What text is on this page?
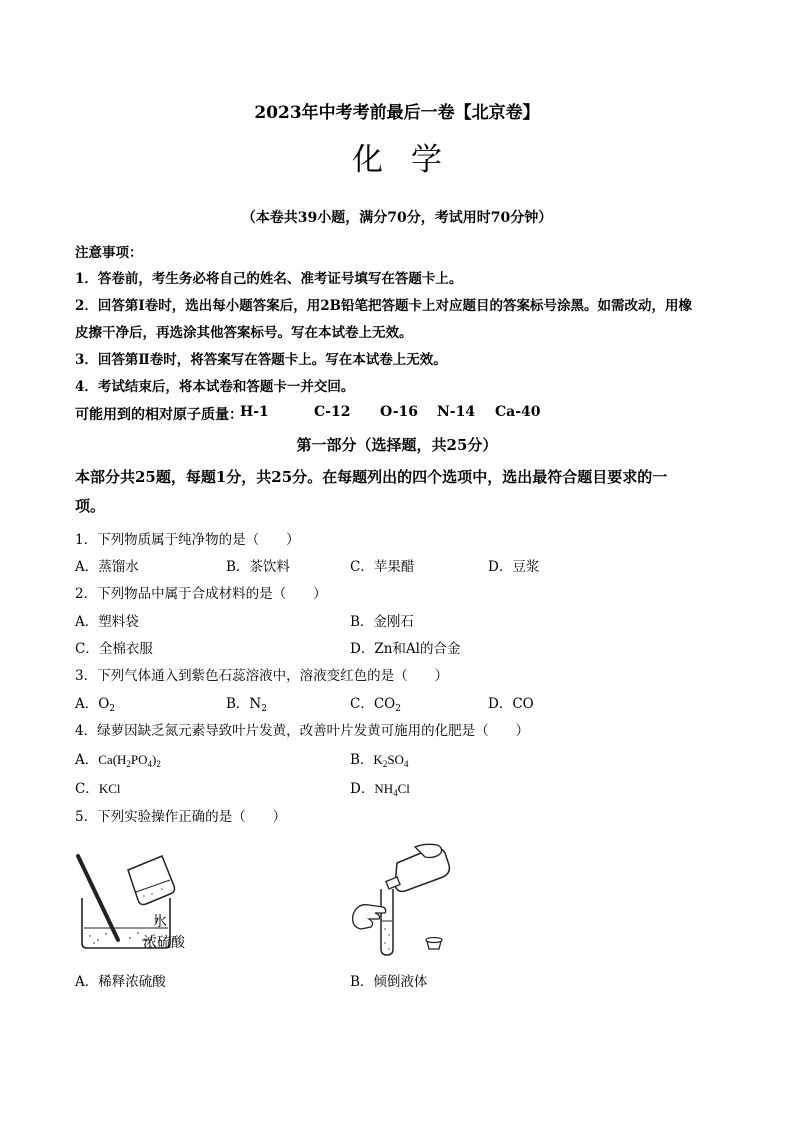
2023年中考考前最后一卷【北京卷】
化学
（本卷共39小题，满分70分，考试用时70分钟）
注意事项：
1．答卷前，考生务必将自己的姓名、准考证号填写在答题卡上。
2．回答第Ⅰ卷时，选出每小题答案后，用2B铅笔把答题卡上对应题目的答案标号涂黑。如需改动，用橡
皮擦干净后，再选涂其他答案标号。写在本试卷上无效。
3．回答第Ⅱ卷时，将答案写在答题卡上。写在本试卷上无效。
4．考试结束后，将本试卷和答题卡一并交回。
可能用到的相对原子质量：
H-1	C-12 O-16 N-14 Ca-40
第一部分（选择题，共25分）
本部分共25题，每题1分，共25分。在每题列出的四个选项中，选出最符合题目要求的一
项。
1．下列物质属于纯净物的是（　　）
A．蒸馏水	B．茶饮料	C．苹果醋	D．豆浆
2．下列物品中属于合成材料的是（　　）
A．塑料袋	B．金刚石
C．全棉衣服	D．Zn和Al的合金
3．下列气体通入到紫色石蕊溶液中，溶液变红色的是（　　）
A．$O_2$	B．$N_2$	C．$CO_2$	D．CO
4．绿萝因缺乏氮元素导致叶片发黄，改善叶片发黄可施用的化肥是（　　）
A．$Ca(H_2PO_4)_2$	B．$K_2SO_4$
C．KCl	D．$NH_4Cl$
5．下列实验操作正确的是（　　）
水
浓硫酸
A．稀释浓硫酸	B．倾倒液体
